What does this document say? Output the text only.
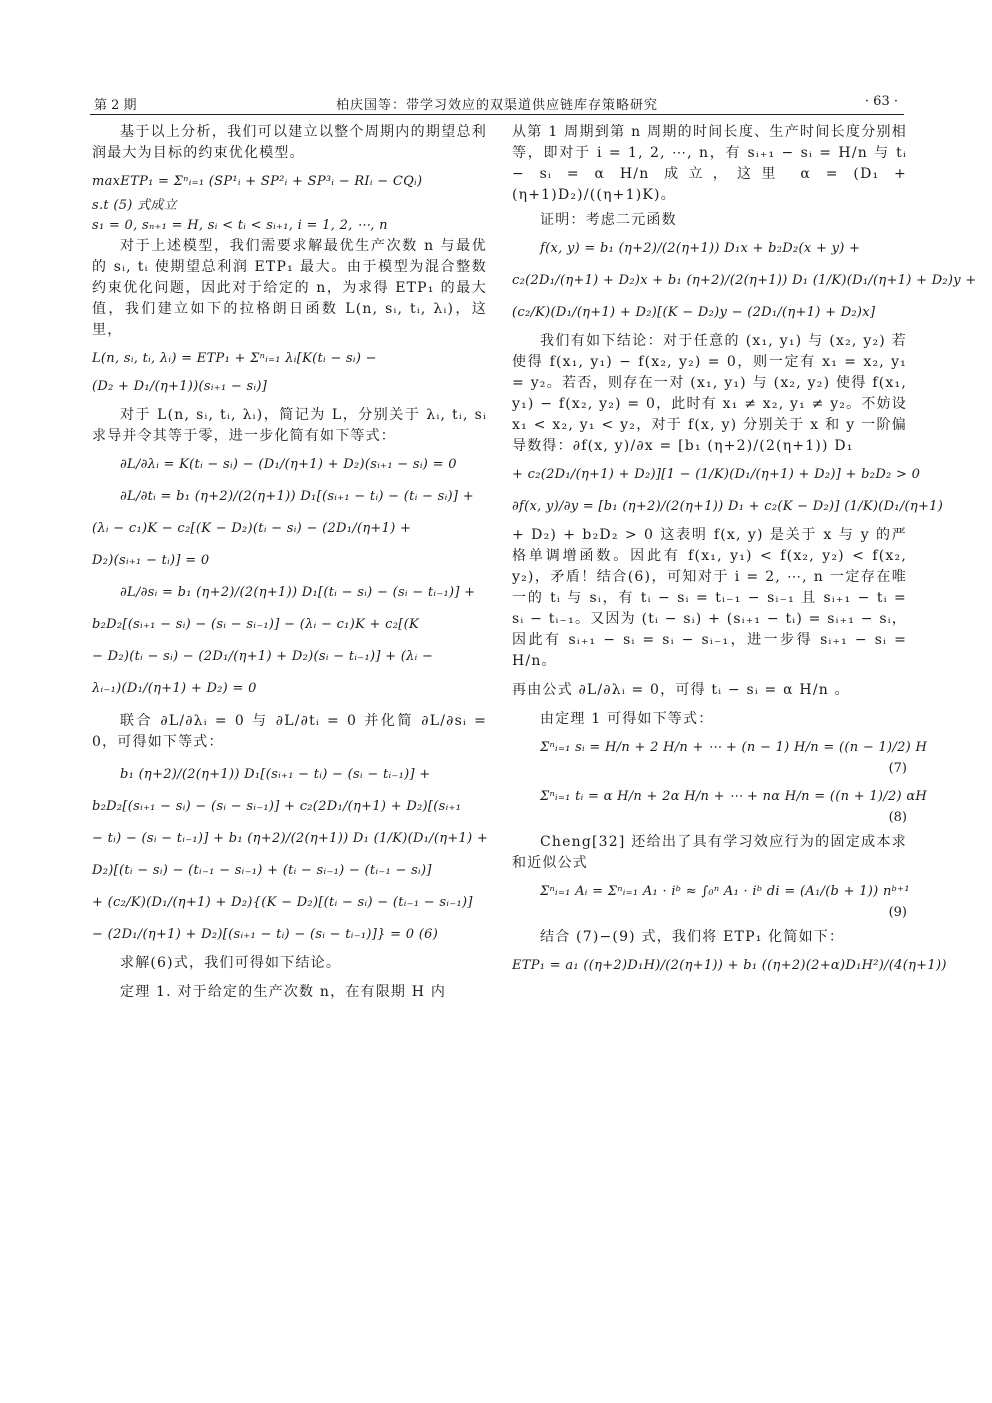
第 2 期	柏庆国等：带学习效应的双渠道供应链库存策略研究	· 63 ·

基于以上分析，我们可以建立以整个周期内的期望总利润最大为目标的约束优化模型。

maxETP₁ = Σⁿᵢ₌₁ (SP¹ᵢ + SP²ᵢ + SP³ᵢ − RIᵢ − CQᵢ)

s.t (5) 式成立

s₁ = 0, sₙ₊₁ = H, sᵢ < tᵢ < sᵢ₊₁, i = 1, 2, ⋯, n

对于上述模型，我们需要求解最优生产次数 n 与最优的 sᵢ, tᵢ 使期望总利润 ETP₁ 最大。由于模型为混合整数约束优化问题，因此对于给定的 n，为求得 ETP₁ 的最大值，我们建立如下的拉格朗日函数 L(n, sᵢ, tᵢ, λᵢ)，这里，

L(n, sᵢ, tᵢ, λᵢ) = ETP₁ + Σⁿᵢ₌₁ λᵢ[K(tᵢ − sᵢ) −

(D₂ + D₁/(η+1))(sᵢ₊₁ − sᵢ)]

对于 L(n, sᵢ, tᵢ, λᵢ)，简记为 L，分别关于 λᵢ, tᵢ, sᵢ 求导并令其等于零，进一步化简有如下等式：

∂L/∂λᵢ = K(tᵢ − sᵢ) − (D₁/(η+1) + D₂)(sᵢ₊₁ − sᵢ) = 0

∂L/∂tᵢ = b₁ (η+2)/(2(η+1)) D₁[(sᵢ₊₁ − tᵢ) − (tᵢ − sᵢ)] +

(λᵢ − c₁)K − c₂[(K − D₂)(tᵢ − sᵢ) − (2D₁/(η+1) +

D₂)(sᵢ₊₁ − tᵢ)] = 0

∂L/∂sᵢ = b₁ (η+2)/(2(η+1)) D₁[(tᵢ − sᵢ) − (sᵢ − tᵢ₋₁)] +

b₂D₂[(sᵢ₊₁ − sᵢ) − (sᵢ − sᵢ₋₁)] − (λᵢ − c₁)K + c₂[(K

− D₂)(tᵢ − sᵢ) − (2D₁/(η+1) + D₂)(sᵢ − tᵢ₋₁)] + (λᵢ −

λᵢ₋₁)(D₁/(η+1) + D₂) = 0

联合 ∂L/∂λᵢ = 0 与 ∂L/∂tᵢ = 0 并化简 ∂L/∂sᵢ = 0，可得如下等式：

b₁ (η+2)/(2(η+1)) D₁[(sᵢ₊₁ − tᵢ) − (sᵢ − tᵢ₋₁)] +

b₂D₂[(sᵢ₊₁ − sᵢ) − (sᵢ − sᵢ₋₁)] + c₂(2D₁/(η+1) + D₂)[(sᵢ₊₁

− tᵢ) − (sᵢ − tᵢ₋₁)] + b₁ (η+2)/(2(η+1)) D₁ (1/K)(D₁/(η+1) +

D₂)[(tᵢ − sᵢ) − (tᵢ₋₁ − sᵢ₋₁) + (tᵢ − sᵢ₋₁) − (tᵢ₋₁ − sᵢ)]

+ (c₂/K)(D₁/(η+1) + D₂){(K − D₂)[(tᵢ − sᵢ) − (tᵢ₋₁ − sᵢ₋₁)]

− (2D₁/(η+1) + D₂)[(sᵢ₊₁ − tᵢ) − (sᵢ − tᵢ₋₁)]} = 0 (6)

求解(6)式，我们可得如下结论。

定理 1. 对于给定的生产次数 n，在有限期 H 内

从第 1 周期到第 n 周期的时间长度、生产时间长度分别相等，即对于 i = 1, 2, ⋯, n，有 sᵢ₊₁ − sᵢ = H/n 与 tᵢ − sᵢ = α H/n 成立，这里 α = (D₁ + (η+1)D₂)/((η+1)K)。

证明：考虑二元函数

f(x, y) = b₁ (η+2)/(2(η+1)) D₁x + b₂D₂(x + y) +

c₂(2D₁/(η+1) + D₂)x + b₁ (η+2)/(2(η+1)) D₁ (1/K)(D₁/(η+1) + D₂)y +

(c₂/K)(D₁/(η+1) + D₂)[(K − D₂)y − (2D₁/(η+1) + D₂)x]

我们有如下结论：对于任意的 (x₁, y₁) 与 (x₂, y₂) 若使得 f(x₁, y₁) − f(x₂, y₂) = 0，则一定有 x₁ = x₂, y₁ = y₂。若否，则存在一对 (x₁, y₁) 与 (x₂, y₂) 使得 f(x₁, y₁) − f(x₂, y₂) = 0，此时有 x₁ ≠ x₂, y₁ ≠ y₂。不妨设 x₁ < x₂, y₁ < y₂，对于 f(x, y) 分别关于 x 和 y 一阶偏导数得：∂f(x, y)/∂x = [b₁ (η+2)/(2(η+1)) D₁

+ c₂(2D₁/(η+1) + D₂)][1 − (1/K)(D₁/(η+1) + D₂)] + b₂D₂ > 0

∂f(x, y)/∂y = [b₁ (η+2)/(2(η+1)) D₁ + c₂(K − D₂)] (1/K)(D₁/(η+1)

+ D₂) + b₂D₂ > 0 这表明 f(x, y) 是关于 x 与 y 的严格单调增函数。因此有 f(x₁, y₁) < f(x₂, y₂) < f(x₂, y₂)，矛盾！结合(6)，可知对于 i = 2, ⋯, n 一定存在唯一的 tᵢ 与 sᵢ，有 tᵢ − sᵢ = tᵢ₋₁ − sᵢ₋₁ 且 sᵢ₊₁ − tᵢ = sᵢ − tᵢ₋₁。又因为 (tᵢ − sᵢ) + (sᵢ₊₁ − tᵢ) = sᵢ₊₁ − sᵢ，因此有 sᵢ₊₁ − sᵢ = sᵢ − sᵢ₋₁，进一步得 sᵢ₊₁ − sᵢ = H/n。

再由公式 ∂L/∂λᵢ = 0，可得 tᵢ − sᵢ = α H/n 。

由定理 1 可得如下等式：

Σⁿᵢ₌₁ sᵢ = H/n + 2 H/n + ⋯ + (n − 1) H/n = ((n − 1)/2) H

(7)

Σⁿᵢ₌₁ tᵢ = α H/n + 2α H/n + ⋯ + nα H/n = ((n + 1)/2) αH

(8)

Cheng[32] 还给出了具有学习效应行为的固定成本求和近似公式

Σⁿᵢ₌₁ Aᵢ = Σⁿᵢ₌₁ A₁ · iᵇ ≈ ∫₀ⁿ A₁ · iᵇ di = (A₁/(b + 1)) nᵇ⁺¹

(9)

结合 (7)−(9) 式，我们将 ETP₁ 化简如下：

ETP₁ = a₁ ((η+2)D₁H)/(2(η+1)) + b₁ ((η+2)(2+α)D₁H²)/(4(η+1))
